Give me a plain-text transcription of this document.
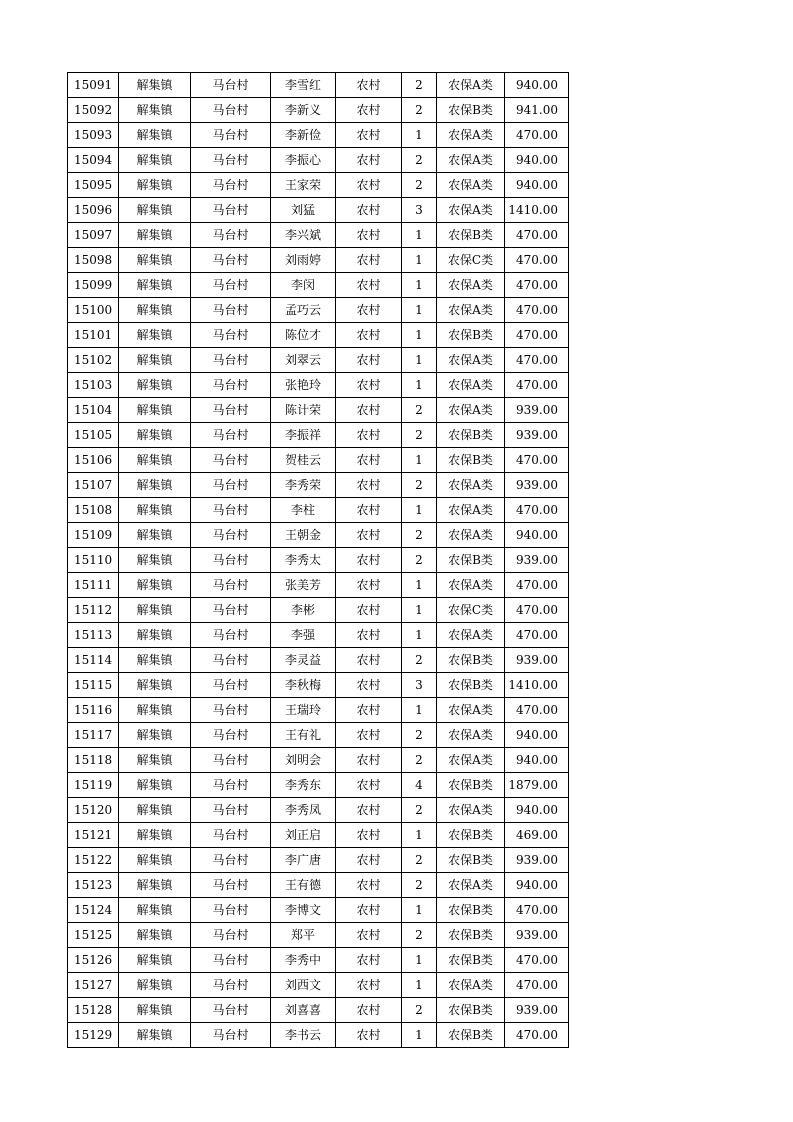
15091	解集镇	马台村	李雪红	农村	2	农保A类	940.00
15092	解集镇	马台村	李新义	农村	2	农保B类	941.00
15093	解集镇	马台村	李新俭	农村	1	农保A类	470.00
15094	解集镇	马台村	李振心	农村	2	农保A类	940.00
15095	解集镇	马台村	王家荣	农村	2	农保A类	940.00
15096	解集镇	马台村	刘猛	农村	3	农保A类	1410.00
15097	解集镇	马台村	李兴斌	农村	1	农保B类	470.00
15098	解集镇	马台村	刘雨婷	农村	1	农保C类	470.00
15099	解集镇	马台村	李闵	农村	1	农保A类	470.00
15100	解集镇	马台村	孟巧云	农村	1	农保A类	470.00
15101	解集镇	马台村	陈位才	农村	1	农保B类	470.00
15102	解集镇	马台村	刘翠云	农村	1	农保A类	470.00
15103	解集镇	马台村	张艳玲	农村	1	农保A类	470.00
15104	解集镇	马台村	陈计荣	农村	2	农保A类	939.00
15105	解集镇	马台村	李振祥	农村	2	农保B类	939.00
15106	解集镇	马台村	贺桂云	农村	1	农保B类	470.00
15107	解集镇	马台村	李秀荣	农村	2	农保A类	939.00
15108	解集镇	马台村	李柱	农村	1	农保A类	470.00
15109	解集镇	马台村	王朝金	农村	2	农保A类	940.00
15110	解集镇	马台村	李秀太	农村	2	农保B类	939.00
15111	解集镇	马台村	张美芳	农村	1	农保A类	470.00
15112	解集镇	马台村	李彬	农村	1	农保C类	470.00
15113	解集镇	马台村	李强	农村	1	农保A类	470.00
15114	解集镇	马台村	李灵益	农村	2	农保B类	939.00
15115	解集镇	马台村	李秋梅	农村	3	农保B类	1410.00
15116	解集镇	马台村	王瑞玲	农村	1	农保A类	470.00
15117	解集镇	马台村	王有礼	农村	2	农保A类	940.00
15118	解集镇	马台村	刘明会	农村	2	农保A类	940.00
15119	解集镇	马台村	李秀东	农村	4	农保B类	1879.00
15120	解集镇	马台村	李秀凤	农村	2	农保A类	940.00
15121	解集镇	马台村	刘正启	农村	1	农保B类	469.00
15122	解集镇	马台村	李广唐	农村	2	农保B类	939.00
15123	解集镇	马台村	王有德	农村	2	农保A类	940.00
15124	解集镇	马台村	李博文	农村	1	农保B类	470.00
15125	解集镇	马台村	郑平	农村	2	农保B类	939.00
15126	解集镇	马台村	李秀中	农村	1	农保B类	470.00
15127	解集镇	马台村	刘西文	农村	1	农保A类	470.00
15128	解集镇	马台村	刘喜喜	农村	2	农保B类	939.00
15129	解集镇	马台村	李书云	农村	1	农保B类	470.00
